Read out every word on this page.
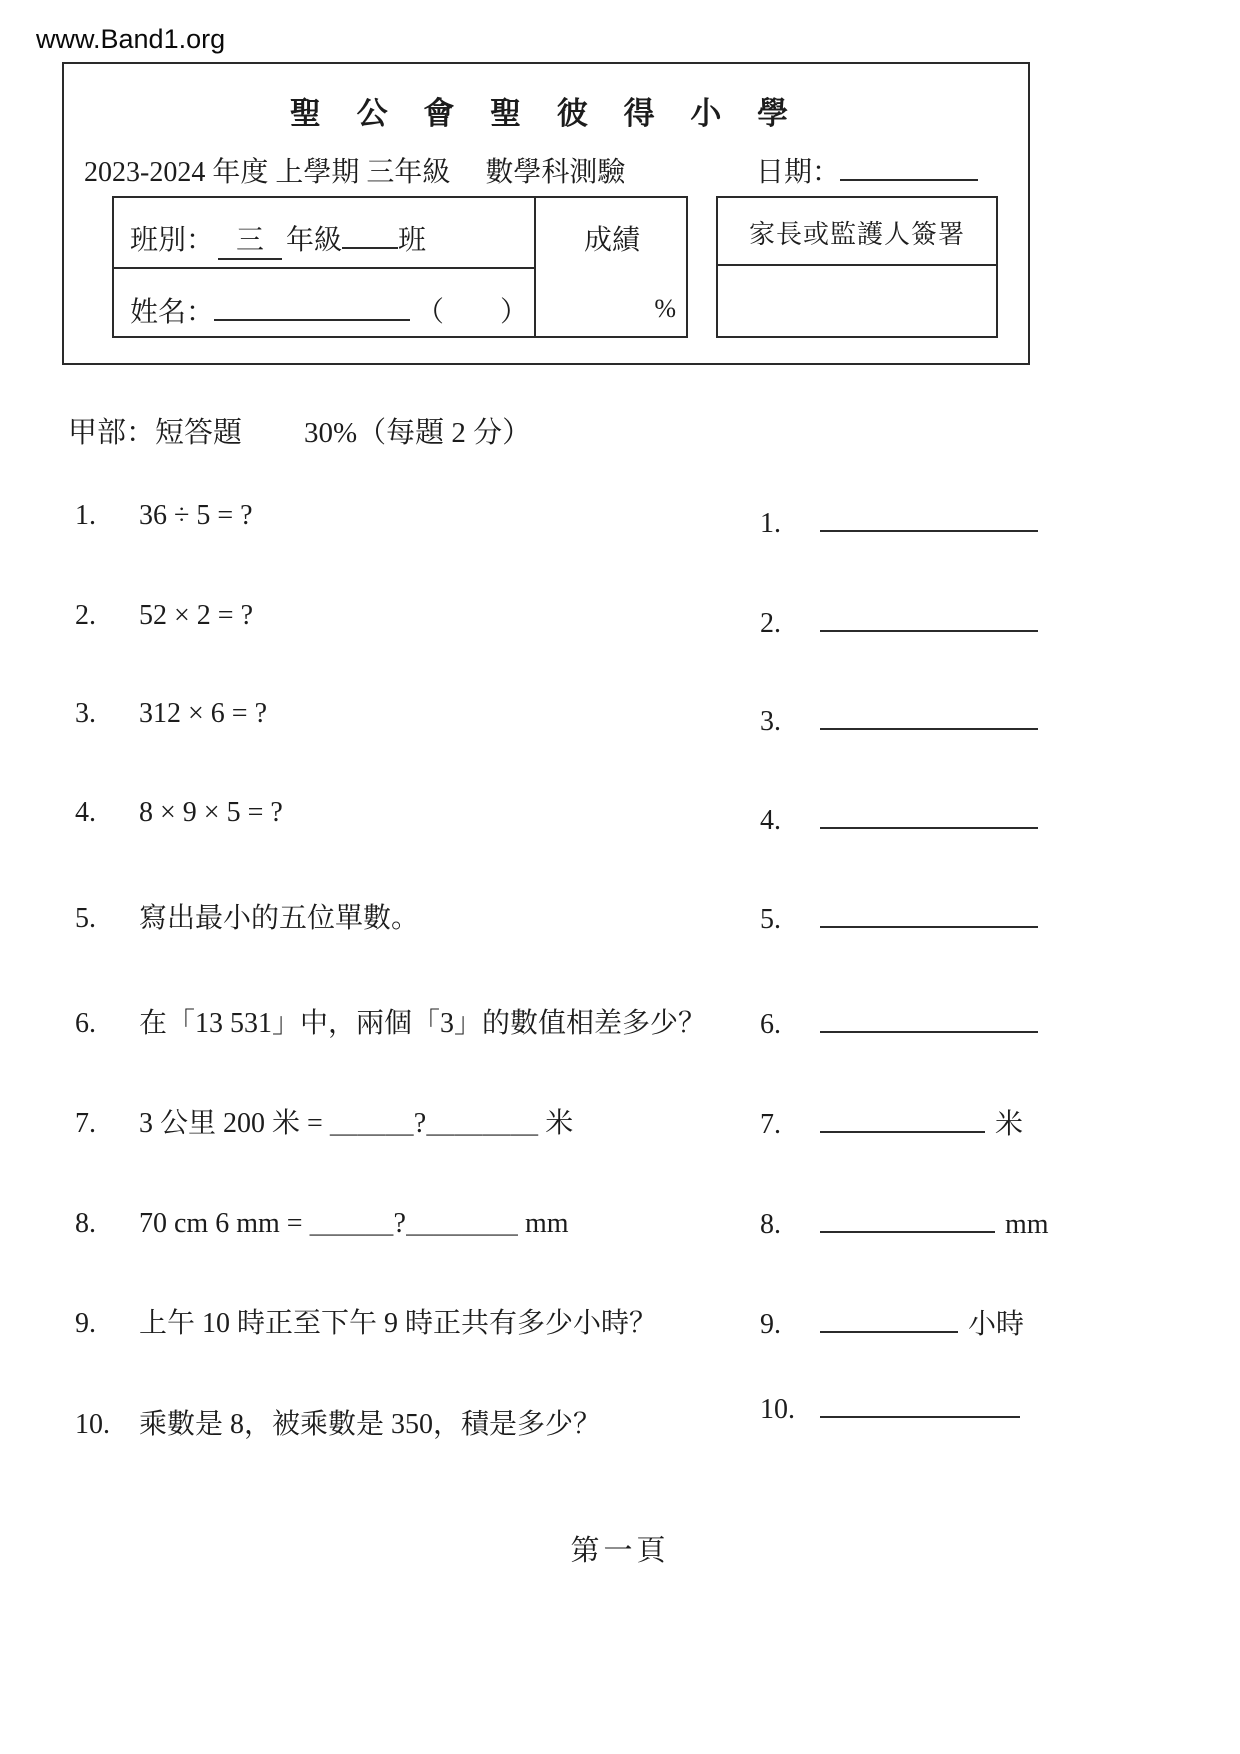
www.Band1.org
聖 公 會 聖 彼 得 小 學
2023-2024 年度 上學期 三年級　 數學科測驗	日期：
班別： 三 年級 班
姓名：	（　　）
成績
%
家長或監護人簽署
甲部：短答題 30%（每題 2 分）
1. 36 ÷ 5 = ?	1.
2. 52 × 2 = ?	2.
3. 312 × 6 = ?	3.
4. 8 × 9 × 5 = ?	4.
5. 寫出最小的五位單數。	5.
6. 在「13 531」中，兩個「3」的數值相差多少？ 6.
7. 3 公里 200 米 = ＿＿＿?＿＿＿＿ 米	7.	米
8. 70 cm 6 mm = ＿＿＿?＿＿＿＿ mm	8.	mm
9. 上午 10 時正至下午 9 時正共有多少小時？	9.	小時
10. 乘數是 8，被乘數是 350，積是多少？	10.
第一頁
